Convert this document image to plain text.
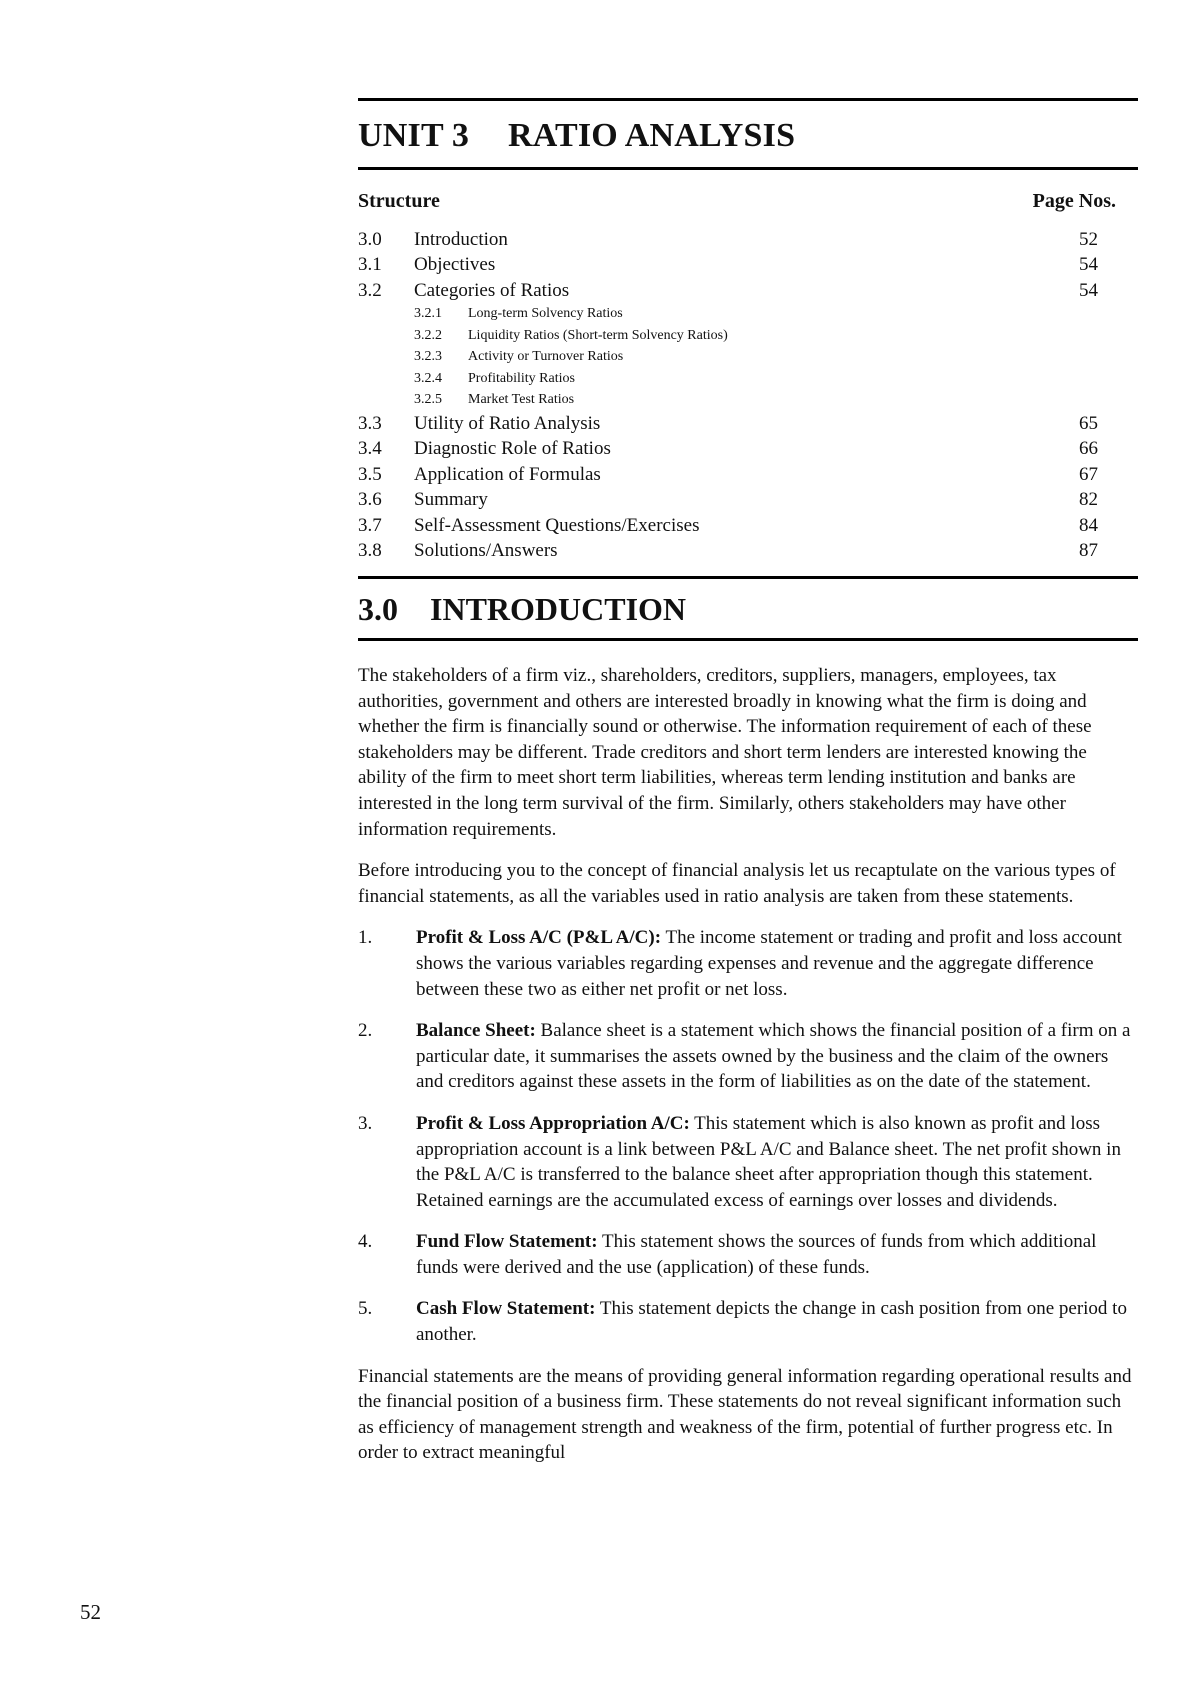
UNIT 3 RATIO ANALYSIS
Structure	Page Nos.
3.0	Introduction	52
3.1	Objectives	54
3.2	Categories of Ratios	54
3.2.1	Long-term Solvency Ratios
3.2.2	Liquidity Ratios (Short-term Solvency Ratios)
3.2.3	Activity or Turnover Ratios
3.2.4	Profitability Ratios
3.2.5	Market Test Ratios
3.3	Utility of Ratio Analysis	65
3.4	Diagnostic Role of Ratios	66
3.5	Application of Formulas	67
3.6	Summary	82
3.7	Self-Assessment Questions/Exercises	84
3.8	Solutions/Answers	87
3.0 INTRODUCTION

The stakeholders of a firm viz., shareholders, creditors, suppliers, managers, employees, tax authorities, government and others are interested broadly in knowing what the firm is doing and whether the firm is financially sound or otherwise. The information requirement of each of these stakeholders may be different. Trade creditors and short term lenders are interested knowing the ability of the firm to meet short term liabilities, whereas term lending institution and banks are interested in the long term survival of the firm. Similarly, others stakeholders may have other information requirements.

Before introducing you to the concept of financial analysis let us recaptulate on the various types of financial statements, as all the variables used in ratio analysis are taken from these statements.

1.	Profit & Loss A/C (P&L A/C): The income statement or trading and profit and loss account shows the various variables regarding expenses and revenue and the aggregate difference between these two as either net profit or net loss.
2.	Balance Sheet: Balance sheet is a statement which shows the financial position of a firm on a particular date, it summarises the assets owned by the business and the claim of the owners and creditors against these assets in the form of liabilities as on the date of the statement.
3.	Profit & Loss Appropriation A/C: This statement which is also known as profit and loss appropriation account is a link between P&L A/C and Balance sheet. The net profit shown in the P&L A/C is transferred to the balance sheet after appropriation though this statement. Retained earnings are the accumulated excess of earnings over losses and dividends.
4.	Fund Flow Statement: This statement shows the sources of funds from which additional funds were derived and the use (application) of these funds.
5.	Cash Flow Statement: This statement depicts the change in cash position from one period to another.

Financial statements are the means of providing general information regarding operational results and the financial position of a business firm. These statements do not reveal significant information such as efficiency of management strength and weakness of the firm, potential of further progress etc. In order to extract meaningful

52
